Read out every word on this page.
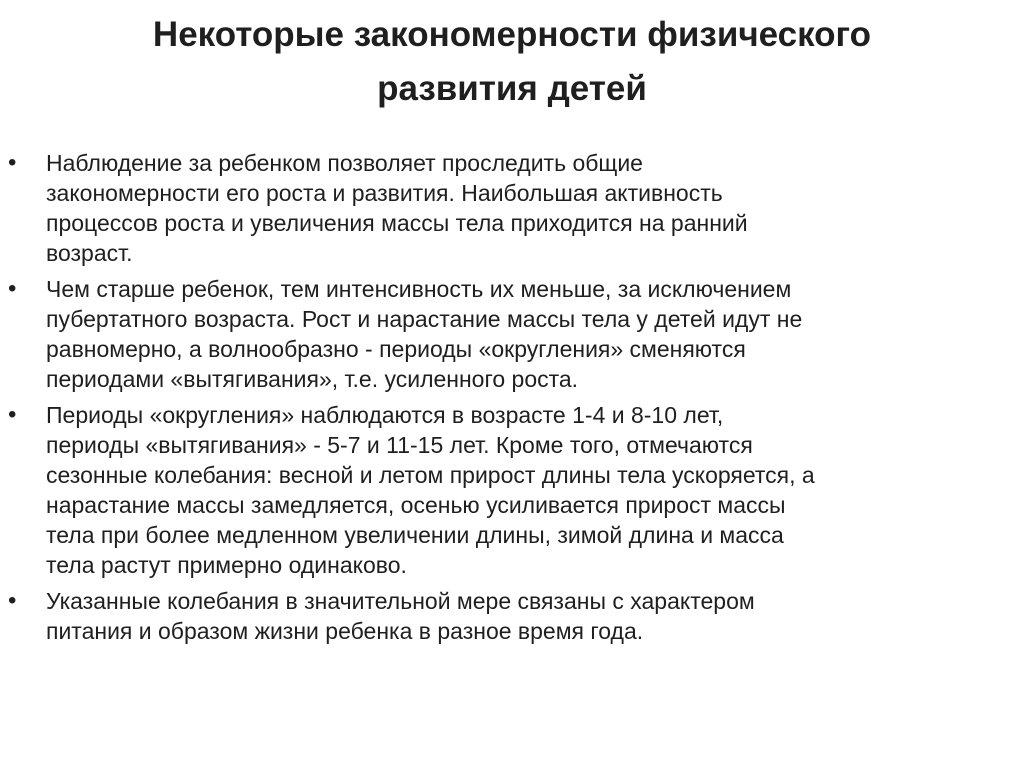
Некоторые закономерности физического
развития детей
• Наблюдение за ребенком позволяет проследить общие
закономерности его роста и развития. Наибольшая активность
процессов роста и увеличения массы тела приходится на ранний
возраст.
• Чем старше ребенок, тем интенсивность их меньше, за исключением
пубертатного возраста. Рост и нарастание массы тела у детей идут не
равномерно, а волнообразно - периоды «округления» сменяются
периодами «вытягивания», т.е. усиленного роста.
• Периоды «округления» наблюдаются в возрасте 1-4 и 8-10 лет,
периоды «вытягивания» - 5-7 и 11-15 лет. Кроме того, отмечаются
сезонные колебания: весной и летом прирост длины тела ускоряется, а
нарастание массы замедляется, осенью усиливается прирост массы
тела при более медленном увеличении длины, зимой длина и масса
тела растут примерно одинаково.
• Указанные колебания в значительной мере связаны с характером
питания и образом жизни ребенка в разное время года.
